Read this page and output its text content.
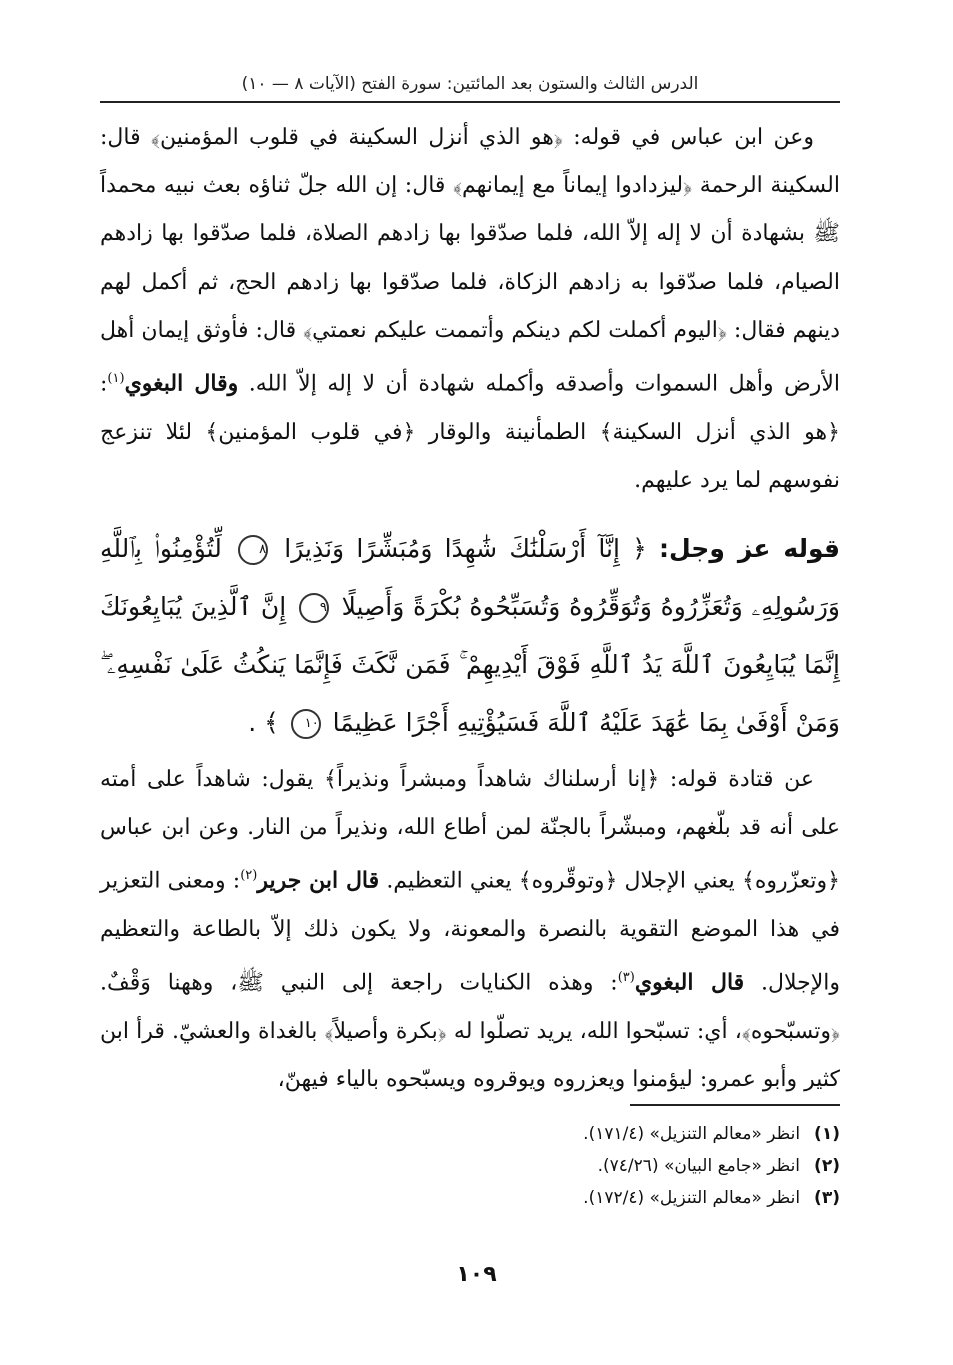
الدرس الثالث والستون بعد المائتين: سورة الفتح (الآيات ٨ — ١٠)
وعن ابن عباس في قوله: ﴿هو الذي أنزل السكينة في قلوب المؤمنين﴾ قال: السكينة الرحمة ﴿ليزدادوا إيماناً مع إيمانهم﴾ قال: إن الله جلّ ثناؤه بعث نبيه محمداً ﷺ بشهادة أن لا إله إلاّ الله، فلما صدّقوا بها زادهم الصلاة، فلما صدّقوا بها زادهم الصيام، فلما صدّقوا به زادهم الزكاة، فلما صدّقوا بها زادهم الحج، ثم أكمل لهم دينهم فقال: ﴿اليوم أكملت لكم دينكم وأتممت عليكم نعمتي﴾ قال: فأوثق إيمان أهل الأرض وأهل السموات وأصدقه وأكمله شهادة أن لا إله إلاّ الله. وقال البغوي$^{(١)}$: ﴿هو الذي أنزل السكينة﴾ الطمأنينة والوقار ﴿في قلوب المؤمنين﴾ لئلا تنزعج نفوسهم لما يرد عليهم.
قوله عز وجل: ﴿ إِنَّآ أَرْسَلْنَٰكَ شَٰهِدًا وَمُبَشِّرًا وَنَذِيرًا ٨ لِّتُؤْمِنُوا۟ بِٱللَّهِ وَرَسُولِهِۦ وَتُعَزِّرُوهُ وَتُوَقِّرُوهُ وَتُسَبِّحُوهُ بُكْرَةً وَأَصِيلًا ٩ إِنَّ ٱلَّذِينَ يُبَايِعُونَكَ إِنَّمَا يُبَايِعُونَ ٱللَّهَ يَدُ ٱللَّهِ فَوْقَ أَيْدِيهِمْ ۚ فَمَن نَّكَثَ فَإِنَّمَا يَنكُثُ عَلَىٰ نَفْسِهِۦ ۖ وَمَنْ أَوْفَىٰ بِمَا عَٰهَدَ عَلَيْهُ ٱللَّهَ فَسَيُؤْتِيهِ أَجْرًا عَظِيمًا ١٠ ﴾ .
عن قتادة قوله: ﴿إنا أرسلناك شاهداً ومبشراً ونذيراً﴾ يقول: شاهداً على أمته على أنه قد بلّغهم، ومبشّراً بالجنّة لمن أطاع الله، ونذيراً من النار. وعن ابن عباس ﴿وتعزّروه﴾ يعني الإجلال ﴿وتوقّروه﴾ يعني التعظيم. قال ابن جرير$^{(٢)}$: ومعنى التعزير في هذا الموضع التقوية بالنصرة والمعونة، ولا يكون ذلك إلاّ بالطاعة والتعظيم والإجلال. قال البغوي$^{(٣)}$: وهذه الكنايات راجعة إلى النبي ﷺ، وههنا وَقْفٌ. ﴿وتسبّحوه﴾، أي: تسبّحوا الله، يريد تصلّوا له ﴿بكرة وأصيلاً﴾ بالغداة والعشيّ. قرأ ابن كثير وأبو عمرو: ليؤمنوا ويعزروه ويوقروه ويسبّحوه بالياء فيهنّ،
(١)انظر «معالم التنزيل» (١٧١/٤).
(٢)انظر «جامع البيان» (٧٤/٢٦).
(٣)انظر «معالم التنزيل» (١٧٢/٤).
١٠٩
